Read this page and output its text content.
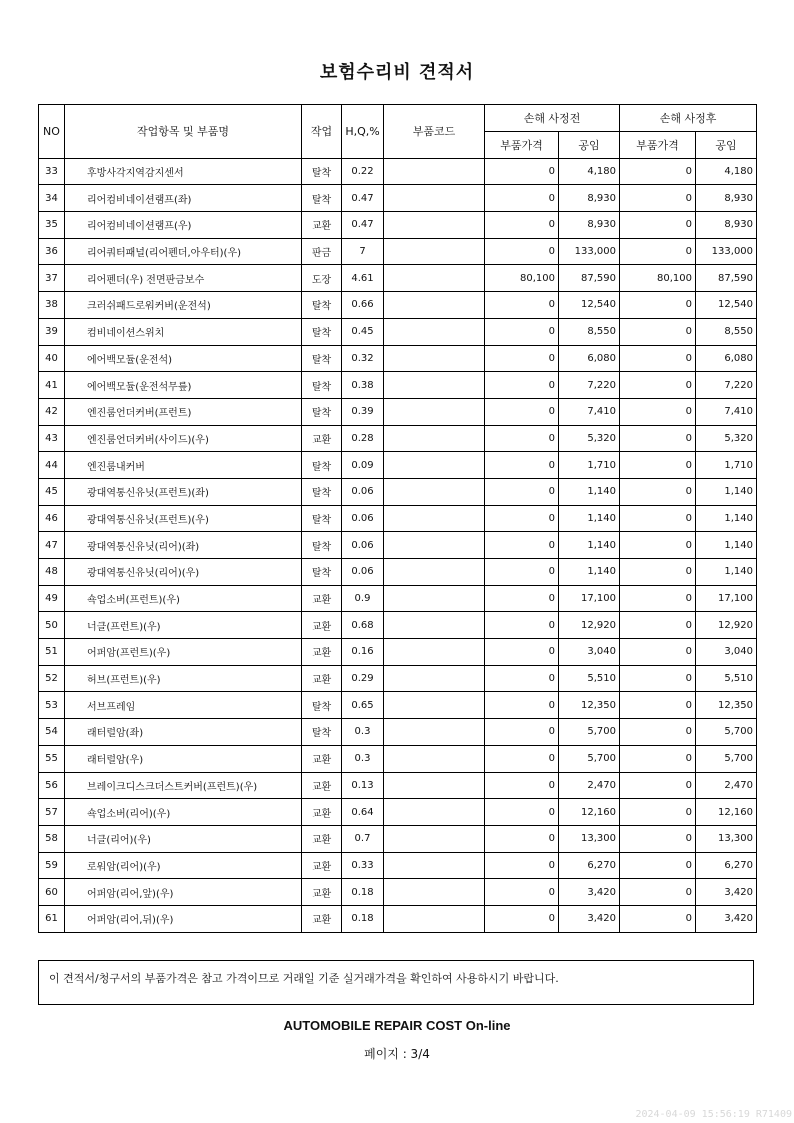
보험수리비 견적서
NO	작업항목 및 부품명	작업	H,Q,%	부품코드	손해 사정전		손해 사정후	
					부품가격	공임	부품가격	공임
33	후방사각지역감지센서	탈착	0.22		0	4,180	0	4,180
34	리어컴비네이션램프(좌)	탈착	0.47		0	8,930	0	8,930
35	리어컴비네이션램프(우)	교환	0.47		0	8,930	0	8,930
36	리어쿼터패널(리어펜더,아우터)(우)	판금	7		0	133,000	0	133,000
37	리어펜더(우) 전면판금보수	도장	4.61		80,100	87,590	80,100	87,590
38	크러쉬패드로워커버(운전석)	탈착	0.66		0	12,540	0	12,540
39	컴비네이션스위치	탈착	0.45		0	8,550	0	8,550
40	에어백모듈(운전석)	탈착	0.32		0	6,080	0	6,080
41	에어백모듈(운전석무릎)	탈착	0.38		0	7,220	0	7,220
42	엔진룸언더커버(프런트)	탈착	0.39		0	7,410	0	7,410
43	엔진룸언더커버(사이드)(우)	교환	0.28		0	5,320	0	5,320
44	엔진룸내커버	탈착	0.09		0	1,710	0	1,710
45	광대역통신유닛(프런트)(좌)	탈착	0.06		0	1,140	0	1,140
46	광대역통신유닛(프런트)(우)	탈착	0.06		0	1,140	0	1,140
47	광대역통신유닛(리어)(좌)	탈착	0.06		0	1,140	0	1,140
48	광대역통신유닛(리어)(우)	탈착	0.06		0	1,140	0	1,140
49	쇽업소버(프런트)(우)	교환	0.9		0	17,100	0	17,100
50	너클(프런트)(우)	교환	0.68		0	12,920	0	12,920
51	어퍼암(프런트)(우)	교환	0.16		0	3,040	0	3,040
52	허브(프런트)(우)	교환	0.29		0	5,510	0	5,510
53	서브프레임	탈착	0.65		0	12,350	0	12,350
54	래터럴암(좌)	탈착	0.3		0	5,700	0	5,700
55	래터럴암(우)	교환	0.3		0	5,700	0	5,700
56	브레이크디스크더스트커버(프런트)(우)	교환	0.13		0	2,470	0	2,470
57	쇽업소버(리어)(우)	교환	0.64		0	12,160	0	12,160
58	너클(리어)(우)	교환	0.7		0	13,300	0	13,300
59	로워암(리어)(우)	교환	0.33		0	6,270	0	6,270
60	어퍼암(리어,앞)(우)	교환	0.18		0	3,420	0	3,420
61	어퍼암(리어,뒤)(우)	교환	0.18		0	3,420	0	3,420
이 견적서/청구서의 부품가격은 참고 가격이므로 거래일 기준 실거래가격을 확인하여 사용하시기 바랍니다.
AUTOMOBILE REPAIR COST On-line
페이지 : 3/4
2024-04-09 15:56:19 R71409
